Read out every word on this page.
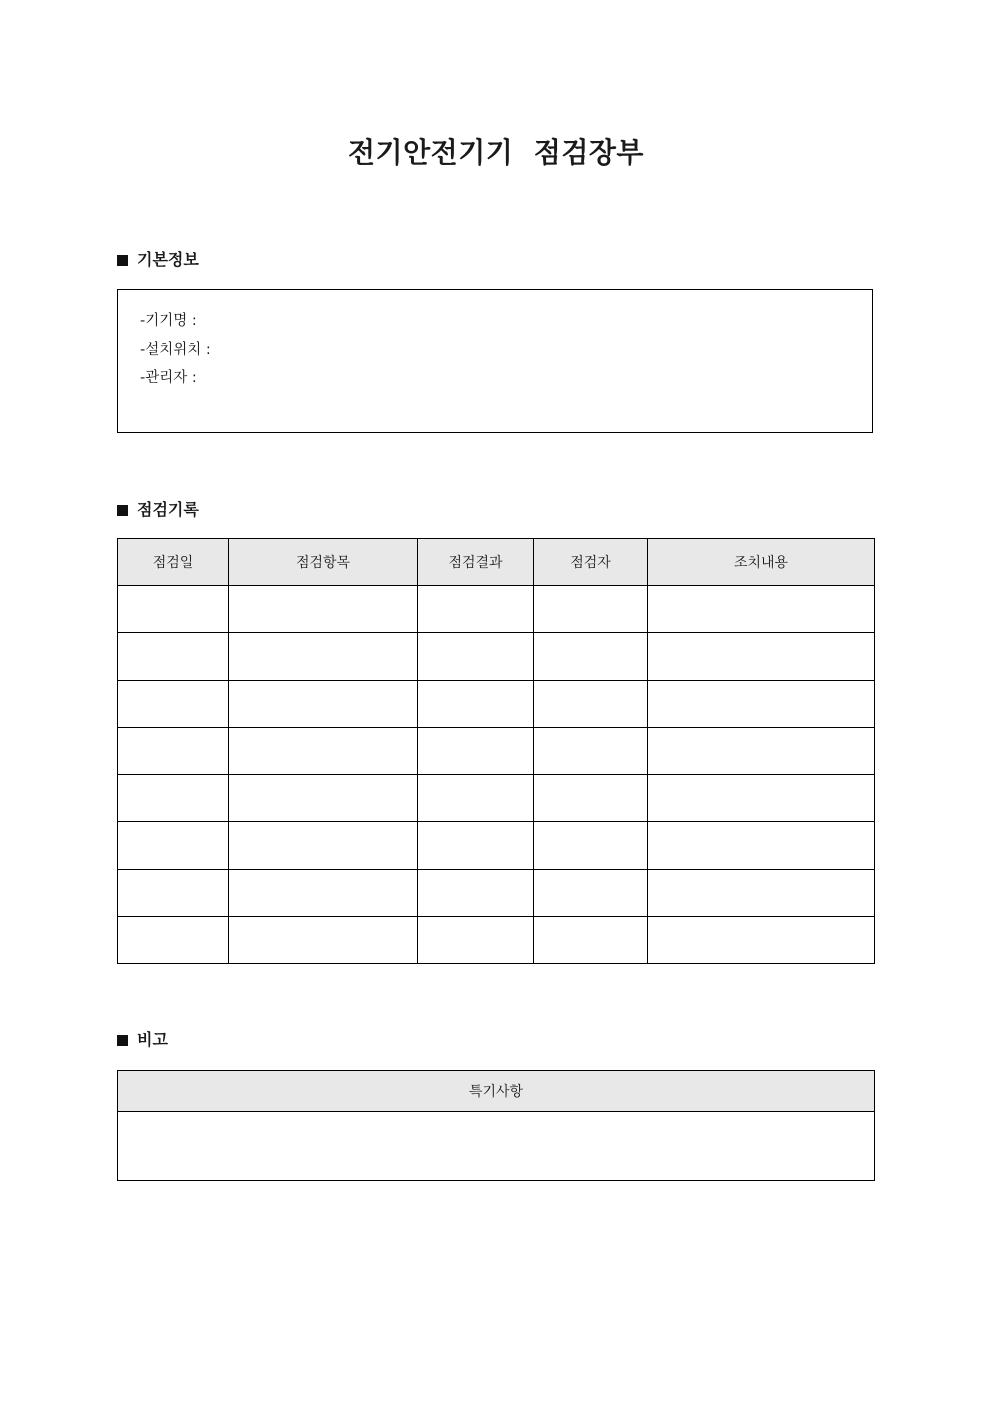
전기안전기기  점검장부
기본정보
-기기명 :
-설치위치 :
-관리자 :
점검기록
점검일	점검항목	점검결과	점검자	조치내용

비고
특기사항
